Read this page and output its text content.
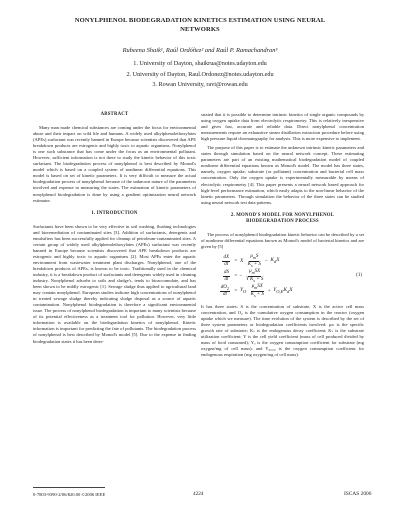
NONYLPHENOL BIODEGRADATION KINETICS ESTIMATION USING NEURAL
NETWORKS
Rubeena Shaik¹, Raúl Ordóñez² and Raúl P. Ramachandran³
1. University of Dayton, shaikrua@notes.udayton.edu
2. University of Dayton, Raul.Ordonez@notes.udayton.edu
3. Rowan University, ravi@rowan.edu
ABSTRACT

Many man made chemical substances are coming under the focus for environmental abuse and their impact on wild life and humans. A widely used alkylphenolethoxylates (APEs) surfactant was recently banned in Europe because scientists discovered that APE breakdown products are estrogenic and highly toxic to aquatic organisms. Nonylphenol is one such substance that has come under the focus as an environmental pollutant. However, sufficient information is not there to study the kinetic behavior of this toxic surfactant. The biodegradation process of nonylphenol is best described by Monod's model which is based on a coupled system of nonlinear differential equations. This model is based on set of kinetic parameters. It is very difficult to measure the actual biodegradation process of nonylphenol because of the unknown nature of the parameters involved and expense in measuring the states. The estimation of kinetic parameters of nonylphenol biodegradation is done by using a gradient optimization neural network estimator.

1. INTRODUCTION

Surfactants have been shown to be very effective in soil washing, flushing technologies and bioremediation of contaminated sites [3]. Addition of surfactants, detergents and emulsifiers has been successfully applied for cleanup of petroleum-contaminated sites. A certain group of widely used alkylphenolethoxylates (APEs) surfactant was recently banned in Europe because scientists discovered that APE breakdown products are estrogenic and highly toxic to aquatic organisms [2]. Most APEs enter the aquatic environment from wastewater treatment plant discharges. Nonylphenol, one of the breakdown products of APEs, is known to be toxic. Traditionally used in the chemical industry, it is a breakdown product of surfactants and detergents widely used in cleaning industry. Nonylphenol adsorbs to soils and sludge's, tends to bioaccumulate, and has been shown to be mildly estrogenic [1]. Sewage sludge thus applied to agricultural land may contain nonylphenol. European studies indicate high concentrations of nonylphenol in treated sewage sludge thereby indicating sludge disposal as a source of aquatic contamination. Nonylphenol biodegradation is therefore a significant environmental issue. The process of nonylphenol biodegradation is important to many scientists because of its potential effectiveness as a treatment tool for pollution. However, very little information is available on the biodegradation kinetics of nonylphenol. Kinetic information is important for predicting the fate of pollutants. The biodegradation process of nonylphenol is best described by Monod's model [5]. Due to the expense in finding biodegradation states it has been deter-

strated that it is possible to determine intrinsic kinetics of single organic compounds by using oxygen uptake data from electrolytic respirometry. This is relatively inexpensive and gives fast, accurate and reliable data. Direct nonylphenol concentration measurements require an exhaustive steam distillation extraction procedure before using high pressure liquid chromatography for analysis. This is more expensive to implement.

The purpose of this paper is to estimate the unknown intrinsic kinetic parameters and states through simulation based on the neural network concept. These estimating parameters are part of an existing mathematical biodegradation model of coupled nonlinear differential equations known as Monod's model. The model has three states, namely, oxygen uptake, substrate (or pollutant) concentration and bacterial cell mass concentration. Only the oxygen uptake is experimentally measurable by means of electrolytic respirometry [4]. This paper presents a neural network based approach for high-level performance estimation, which easily adapts to the non-linear behavior of the kinetic parameters. Through simulation the behavior of the three states can be studied using neural network test data patterns.

2. MONOD'S MODEL FOR NONYLPHENOL
BIODEGRADATION PROCESS

The process of nonylphenol biodegradation kinetic behavior can be described by a set of nonlinear differential equations known as Monod's model of bacterial kinetics and are given by [5]

$\frac{dX}{dt} = X$
$\frac{\mu_mS}{K_s + S} - K_dX$
$\frac{dS}{dt}$ = − $\frac{\mu_mSX}{Y K_s + S}$	(1)
$\frac{dO_2}{dt} = Y_O$
$\frac{\mu_mSX}{K_s + S} + Y_{O,E}K_dX$

It has three states: S is the concentration of substrate, X is the active cell mass concentration, and O₂ is the cumulative oxygen consumption in the reactor (oxygen uptake which we measure). The time evolution of the system is described by the set of three system parameters or biodegradation coefficients involved: μₘ is the specific growth rate of substrate; Kₛ is the endogenous decay coefficient; Kₛ is the substrate utilization coefficient; Y is the cell yield coefficient (mass of cell produced divided by mass of food consumed); Yₒ is the oxygen consumption coefficient for substrate (mg oxygen/mg of cell mass); and Y₀,₀,₀ is the oxygen consumption coefficient for endogenous respiration (mg oxygen/mg of cell mass).

0-7803-9390-2/06/$20.00 ©2006 IEEE	4224	ISCAS 2006
